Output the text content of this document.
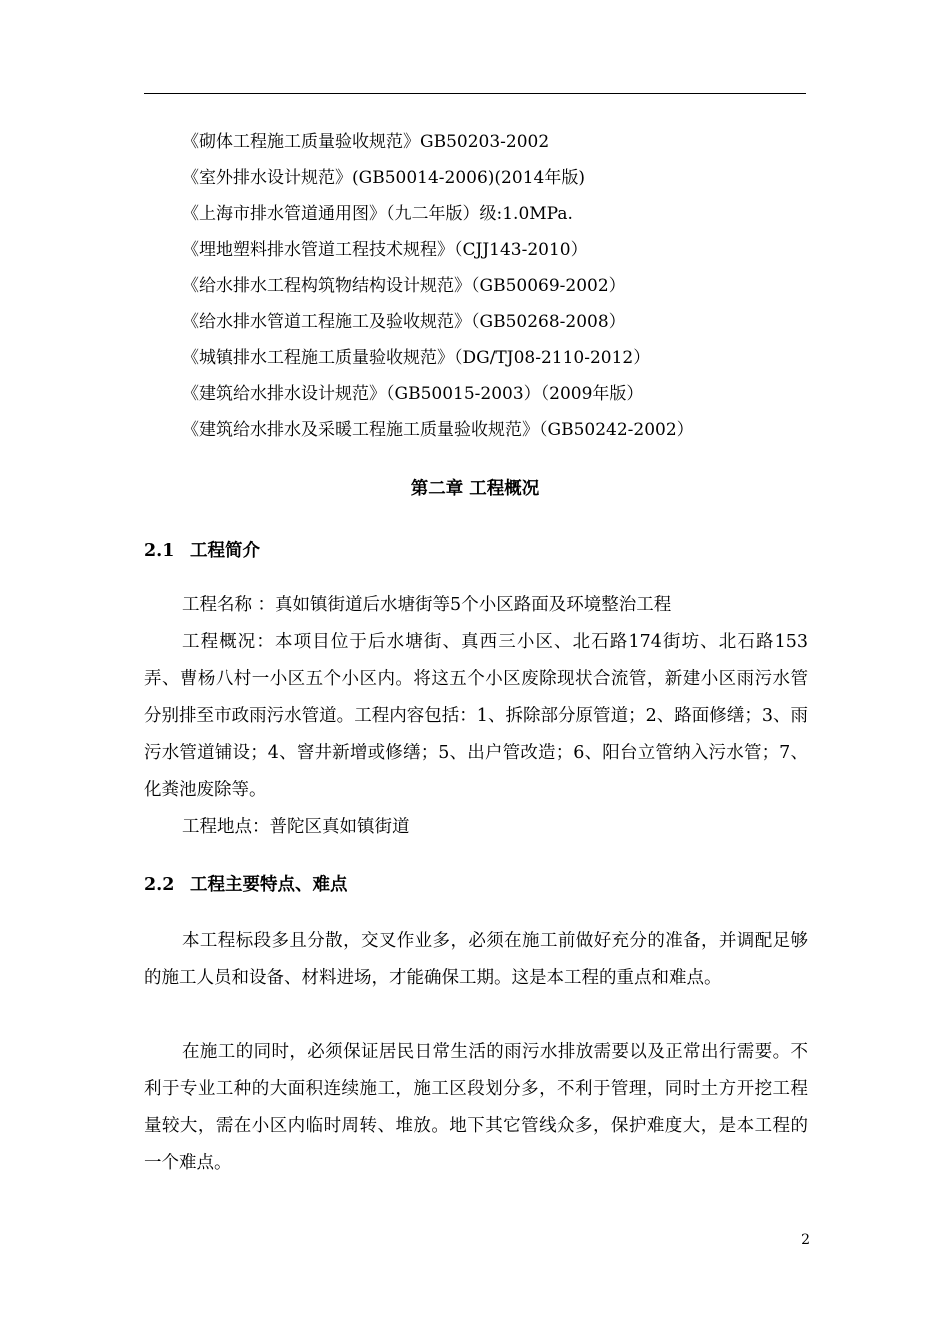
《砌体工程施工质量验收规范》GB50203-2002
《室外排水设计规范》(GB50014-2006)(2014年版)
《上海市排水管道通用图》（九二年版）级:1.0MPa.
《埋地塑料排水管道工程技术规程》（CJJ143-2010）
《给水排水工程构筑物结构设计规范》（GB50069-2002）
《给水排水管道工程施工及验收规范》（GB50268-2008）
《城镇排水工程施工质量验收规范》（DG/TJ08-2110-2012）
《建筑给水排水设计规范》（GB50015-2003）（2009年版）
《建筑给水排水及采暖工程施工质量验收规范》（GB50242-2002）
第二章 工程概况
2.1 工程简介

工程名称 ：真如镇街道后水塘街等5个小区路面及环境整治工程

工程概况：本项目位于后水塘街、真西三小区、北石路174街坊、北石路153弄、曹杨八村一小区五个小区内。将这五个小区废除现状合流管，新建小区雨污水管分别排至市政雨污水管道。工程内容包括：1、拆除部分原管道；2、路面修缮；3、雨污水管道铺设；4、窨井新增或修缮；5、出户管改造；6、阳台立管纳入污水管；7、化粪池废除等。

工程地点：普陀区真如镇街道

2.2 工程主要特点、难点

本工程标段多且分散，交叉作业多，必须在施工前做好充分的准备，并调配足够的施工人员和设备、材料进场，才能确保工期。这是本工程的重点和难点。

在施工的同时，必须保证居民日常生活的雨污水排放需要以及正常出行需要。不利于专业工种的大面积连续施工，施工区段划分多，不利于管理，同时土方开挖工程量较大，需在小区内临时周转、堆放。地下其它管线众多，保护难度大，是本工程的一个难点。

2
